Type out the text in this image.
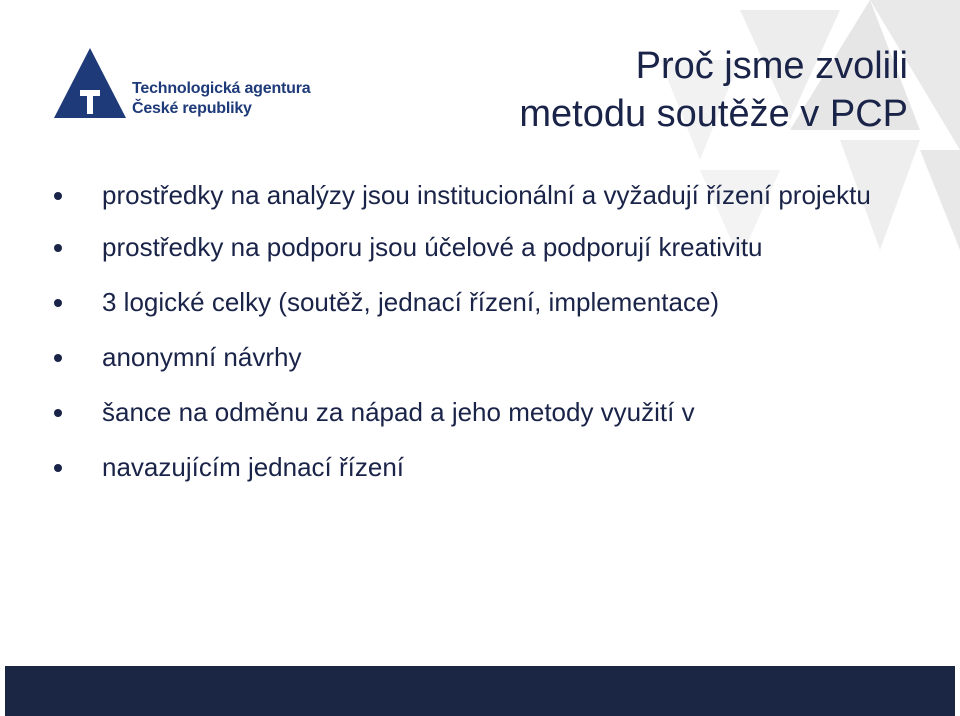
Technologická agentura
České republiky
Proč jsme zvolili
metodu soutěže v PCP
prostředky na analýzy jsou institucionální a vyžadují řízení projektu
prostředky na podporu jsou účelové a podporují kreativitu
3 logické celky (soutěž, jednací řízení, implementace)
anonymní návrhy
šance na odměnu za nápad a jeho metody využití v
navazujícím jednací řízení
